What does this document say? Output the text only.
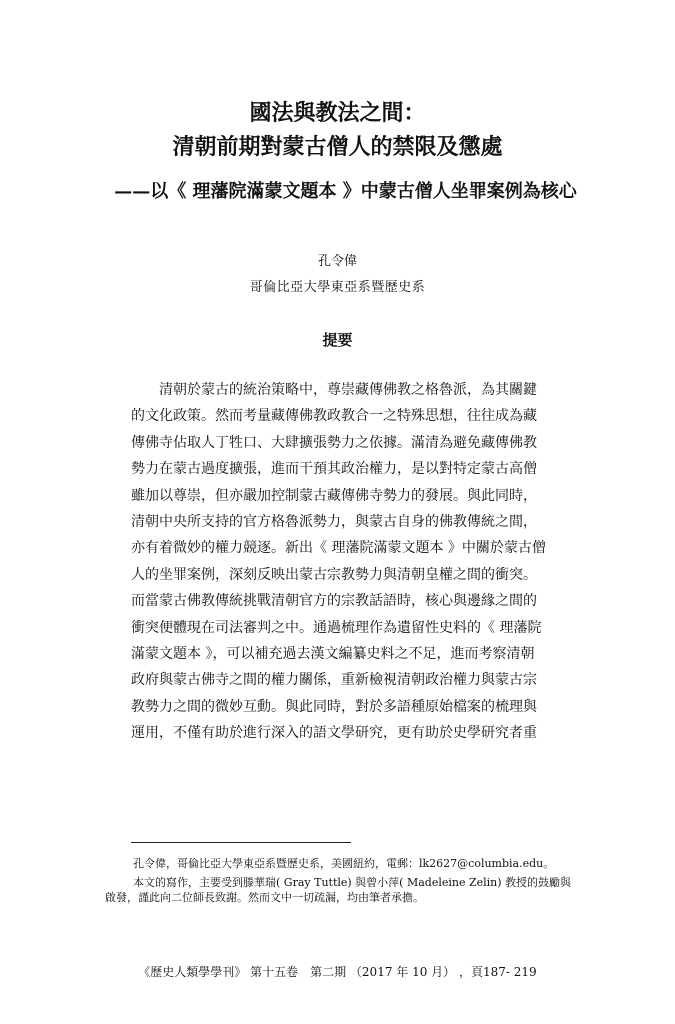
國法與教法之間：
清朝前期對蒙古僧人的禁限及懲處
——以《 理藩院滿蒙文題本 》中蒙古僧人坐罪案例為核心

孔令偉

哥倫比亞大學東亞系暨歷史系

提要
清朝於蒙古的統治策略中，尊崇藏傳佛教之格魯派，為其關鍵
的文化政策。然而考量藏傳佛教政教合一之特殊思想，往往成為藏
傳佛寺佔取人丁牲口、大肆擴張勢力之依據。滿清為避免藏傳佛教
勢力在蒙古過度擴張，進而干預其政治權力，是以對特定蒙古高僧
雖加以尊崇，但亦嚴加控制蒙古藏傳佛寺勢力的發展。與此同時，
清朝中央所支持的官方格魯派勢力，與蒙古自身的佛教傳統之間，
亦有着微妙的權力競逐。新出《 理藩院滿蒙文題本 》中關於蒙古僧
人的坐罪案例，深刻反映出蒙古宗教勢力與清朝皇權之間的衝突。
而當蒙古佛教傳統挑戰清朝官方的宗教話語時，核心與邊緣之間的
衝突便體現在司法審判之中。通過梳理作為遺留性史料的《 理藩院
滿蒙文題本 》，可以補充過去漢文編纂史料之不足，進而考察清朝
政府與蒙古佛寺之間的權力關係，重新檢視清朝政治權力與蒙古宗
教勢力之間的微妙互動。與此同時，對於多語種原始檔案的梳理與
運用，不僅有助於進行深入的語文學研究，更有助於史學研究者重

孔令偉，哥倫比亞大學東亞系暨歷史系，美國紐約，電郵：lk2627@columbia.edu。

本文的寫作，主要受到滕華瑞( Gray Tuttle) 與曾小萍( Madeleine Zelin) 教授的鼓勵與啟發，謹此向二位師長致謝。然而文中一切疏漏，均由筆者承擔。

《歷史人類學學刊》 第十五卷　第二期 （2017 年 10 月） ，頁187- 219
